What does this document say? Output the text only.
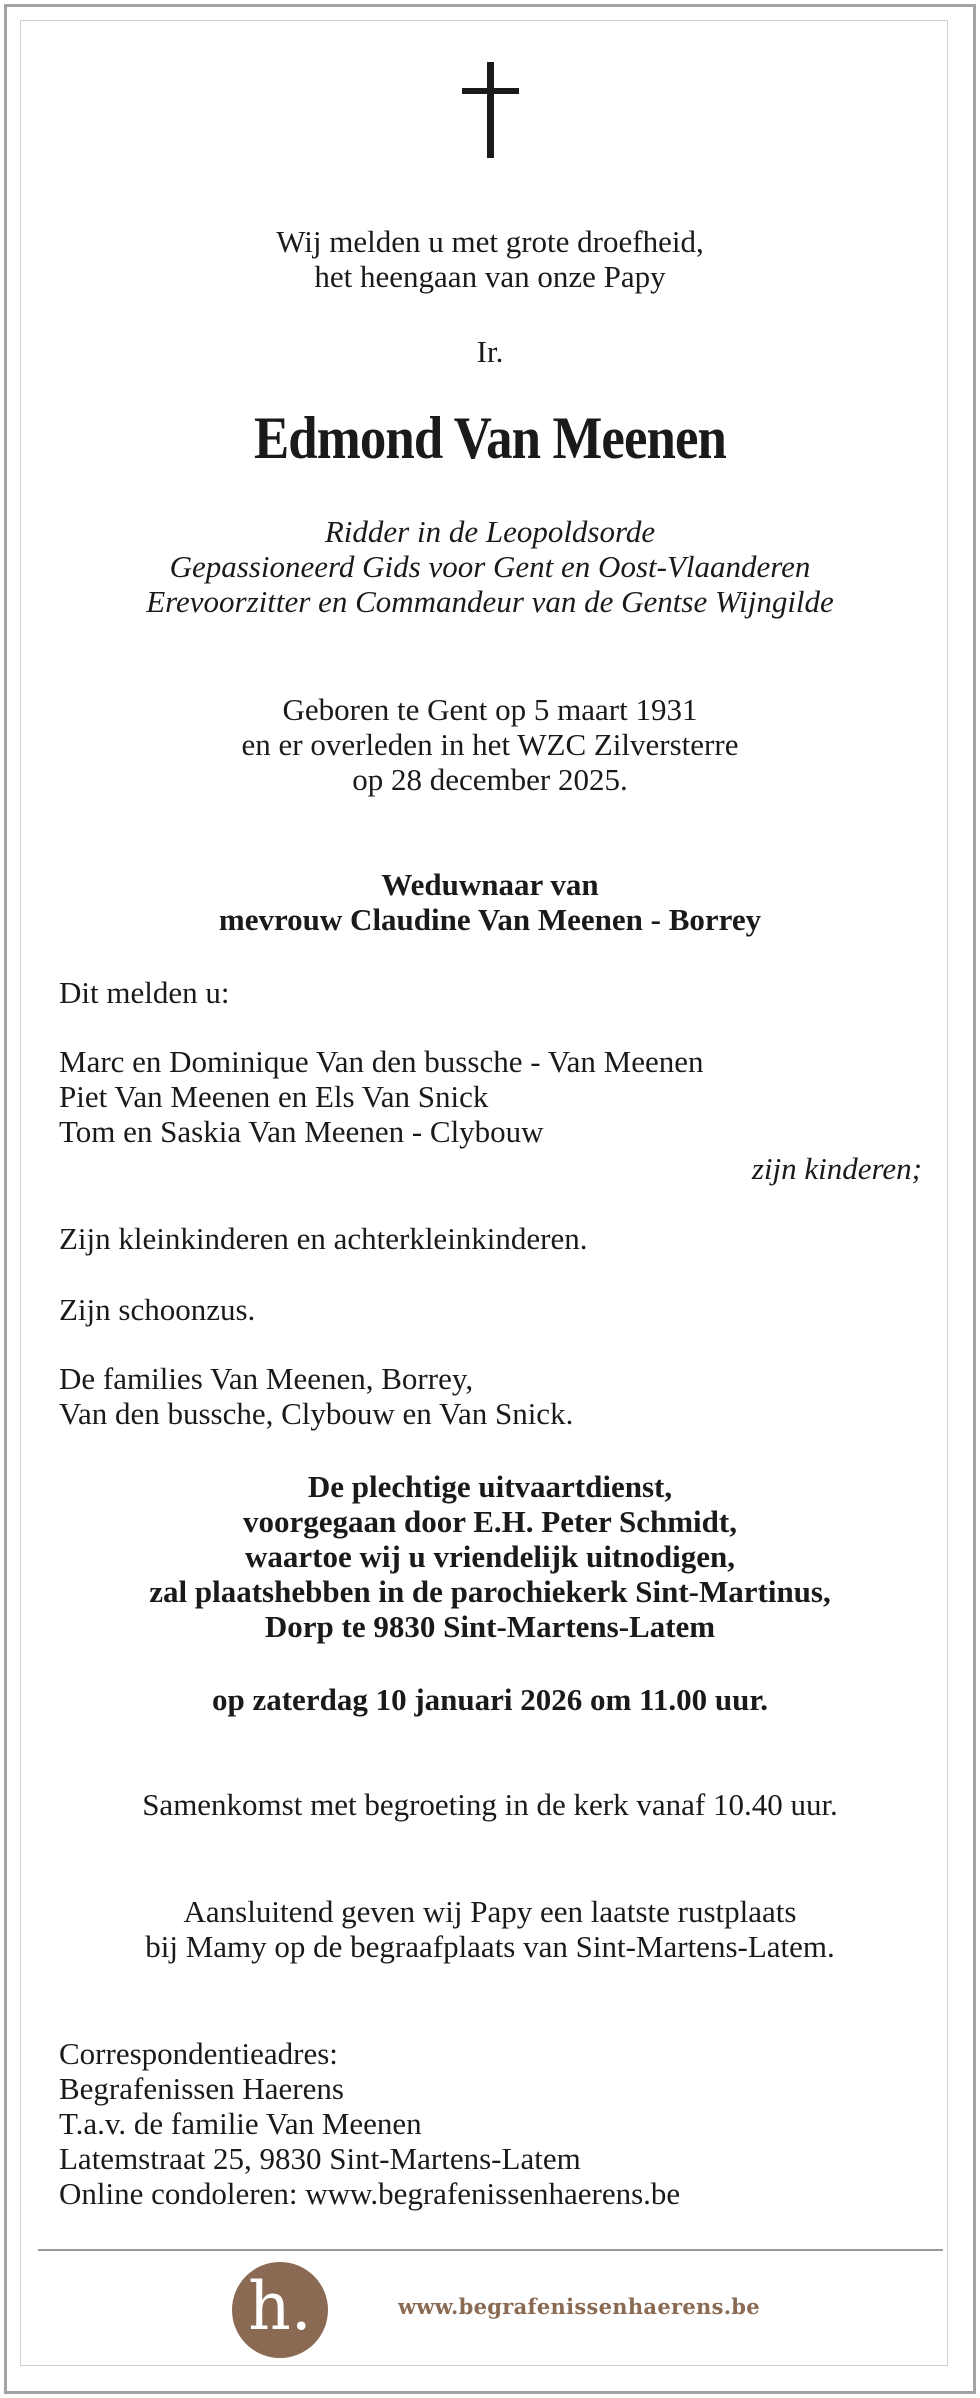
Wij melden u met grote droefheid,
het heengaan van onze Papy
Ir.
Edmond Van Meenen
Ridder in de Leopoldsorde
Gepassioneerd Gids voor Gent en Oost-Vlaanderen
Erevoorzitter en Commandeur van de Gentse Wijngilde
Geboren te Gent op 5 maart 1931
en er overleden in het WZC Zilversterre
op 28 december 2025.
Weduwnaar van
mevrouw Claudine Van Meenen - Borrey
Dit melden u:
Marc en Dominique Van den bussche - Van Meenen
Piet Van Meenen en Els Van Snick
Tom en Saskia Van Meenen - Clybouw
zijn kinderen;
Zijn kleinkinderen en achterkleinkinderen.
Zijn schoonzus.
De families Van Meenen, Borrey,
Van den bussche, Clybouw en Van Snick.
De plechtige uitvaartdienst,
voorgegaan door E.H. Peter Schmidt,
waartoe wij u vriendelijk uitnodigen,
zal plaatshebben in de parochiekerk Sint-Martinus,
Dorp te 9830 Sint-Martens-Latem
op zaterdag 10 januari 2026 om 11.00 uur.
Samenkomst met begroeting in de kerk vanaf 10.40 uur.
Aansluitend geven wij Papy een laatste rustplaats
bij Mamy op de begraafplaats van Sint-Martens-Latem.
Correspondentieadres:
Begrafenissen Haerens
T.a.v. de familie Van Meenen
Latemstraat 25, 9830 Sint-Martens-Latem
Online condoleren: www.begrafenissenhaerens.be
h.	www.begrafenissenhaerens.be
